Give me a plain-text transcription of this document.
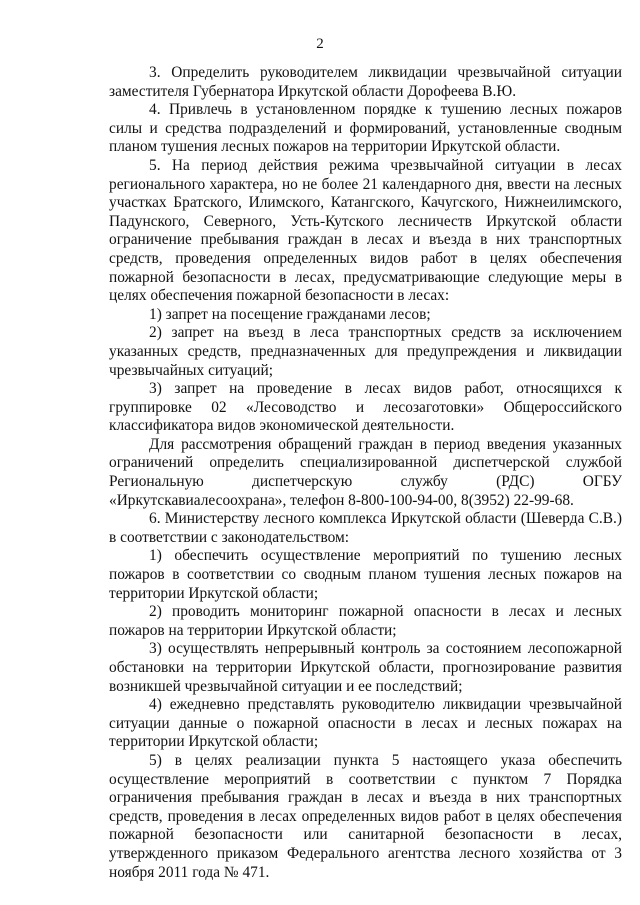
2

3. Определить руководителем ликвидации чрезвычайной ситуации заместителя Губернатора Иркутской области Дорофеева В.Ю.

4. Привлечь в установленном порядке к тушению лесных пожаров силы и средства подразделений и формирований, установленные сводным планом тушения лесных пожаров на территории Иркутской области.

5. На период действия режима чрезвычайной ситуации в лесах регионального характера, но не более 21 календарного дня, ввести на лесных участках Братского, Илимского, Катангского, Качугского, Нижнеилимского, Падунского, Северного, Усть-Кутского лесничеств Иркутской области ограничение пребывания граждан в лесах и въезда в них транспортных средств, проведения определенных видов работ в целях обеспечения пожарной безопасности в лесах, предусматривающие следующие меры в целях обеспечения пожарной безопасности в лесах:

1) запрет на посещение гражданами лесов;

2) запрет на въезд в леса транспортных средств за исключением указанных средств, предназначенных для предупреждения и ликвидации чрезвычайных ситуаций;

3) запрет на проведение в лесах видов работ, относящихся к группировке 02 «Лесоводство и лесозаготовки» Общероссийского классификатора видов экономической деятельности.

Для рассмотрения обращений граждан в период введения указанных ограничений определить специализированной диспетчерской службой Региональную диспетчерскую службу (РДС) ОГБУ «Иркутскавиалесоохрана», телефон 8-800-100-94-00, 8(3952) 22-99-68.

6. Министерству лесного комплекса Иркутской области (Шеверда С.В.) в соответствии с законодательством:

1) обеспечить осуществление мероприятий по тушению лесных пожаров в соответствии со сводным планом тушения лесных пожаров на территории Иркутской области;

2) проводить мониторинг пожарной опасности в лесах и лесных пожаров на территории Иркутской области;

3) осуществлять непрерывный контроль за состоянием лесопожарной обстановки на территории Иркутской области, прогнозирование развития возникшей чрезвычайной ситуации и ее последствий;

4) ежедневно представлять руководителю ликвидации чрезвычайной ситуации данные о пожарной опасности в лесах и лесных пожарах на территории Иркутской области;

5) в целях реализации пункта 5 настоящего указа обеспечить осуществление мероприятий в соответствии с пунктом 7 Порядка ограничения пребывания граждан в лесах и въезда в них транспортных средств, проведения в лесах определенных видов работ в целях обеспечения пожарной безопасности или санитарной безопасности в лесах, утвержденного приказом Федерального агентства лесного хозяйства от 3 ноября 2011 года № 471.
